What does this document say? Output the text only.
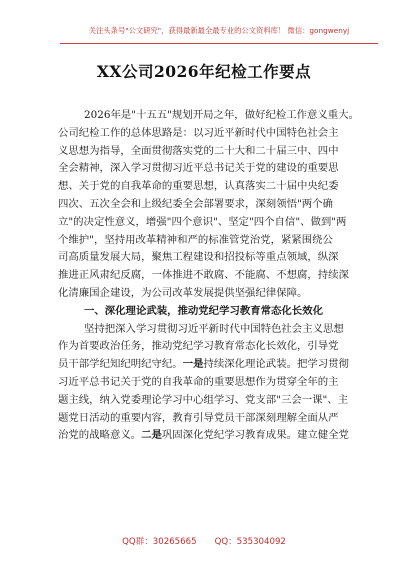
关注头条号"公文研究"，获得最新最全最专业的公文资料库！ 微信：gongwenyj
XX公司2026年纪检工作要点
2026年是"十五五"规划开局之年，做好纪检工作意义重大。
公司纪检工作的总体思路是：以习近平新时代中国特色社会主
义思想为指导，全面贯彻落实党的二十大和二十届三中、四中
全会精神，深入学习贯彻习近平总书记关于党的建设的重要思
想、关于党的自我革命的重要思想，认真落实二十届中央纪委
四次、五次全会和上级纪委全会部署要求，深刻领悟"两个确
立"的决定性意义，增强"四个意识"、坚定"四个自信"、做到"两
个维护"，坚持用改革精神和严的标准管党治党，紧紧围绕公
司高质量发展大局，聚焦工程建设和招投标等重点领域，纵深
推进正风肃纪反腐，一体推进不敢腐、不能腐、不想腐，持续深
化清廉国企建设，为公司改革发展提供坚强纪律保障。
一、深化理论武装，推动党纪学习教育常态化长效化
坚持把深入学习贯彻习近平新时代中国特色社会主义思想
作为首要政治任务，推动党纪学习教育常态化长效化，引导党
员干部学纪知纪明纪守纪。一是持续深化理论武装。把学习贯彻
习近平总书记关于党的自我革命的重要思想作为贯穿全年的主
题主线，纳入党委理论学习中心组学习、党支部"三会一课"、主
题党日活动的重要内容，教育引导党员干部深刻理解全面从严
治党的战略意义。二是巩固深化党纪学习教育成果。建立健全党
QQ群：30265665 QQ：535304092
